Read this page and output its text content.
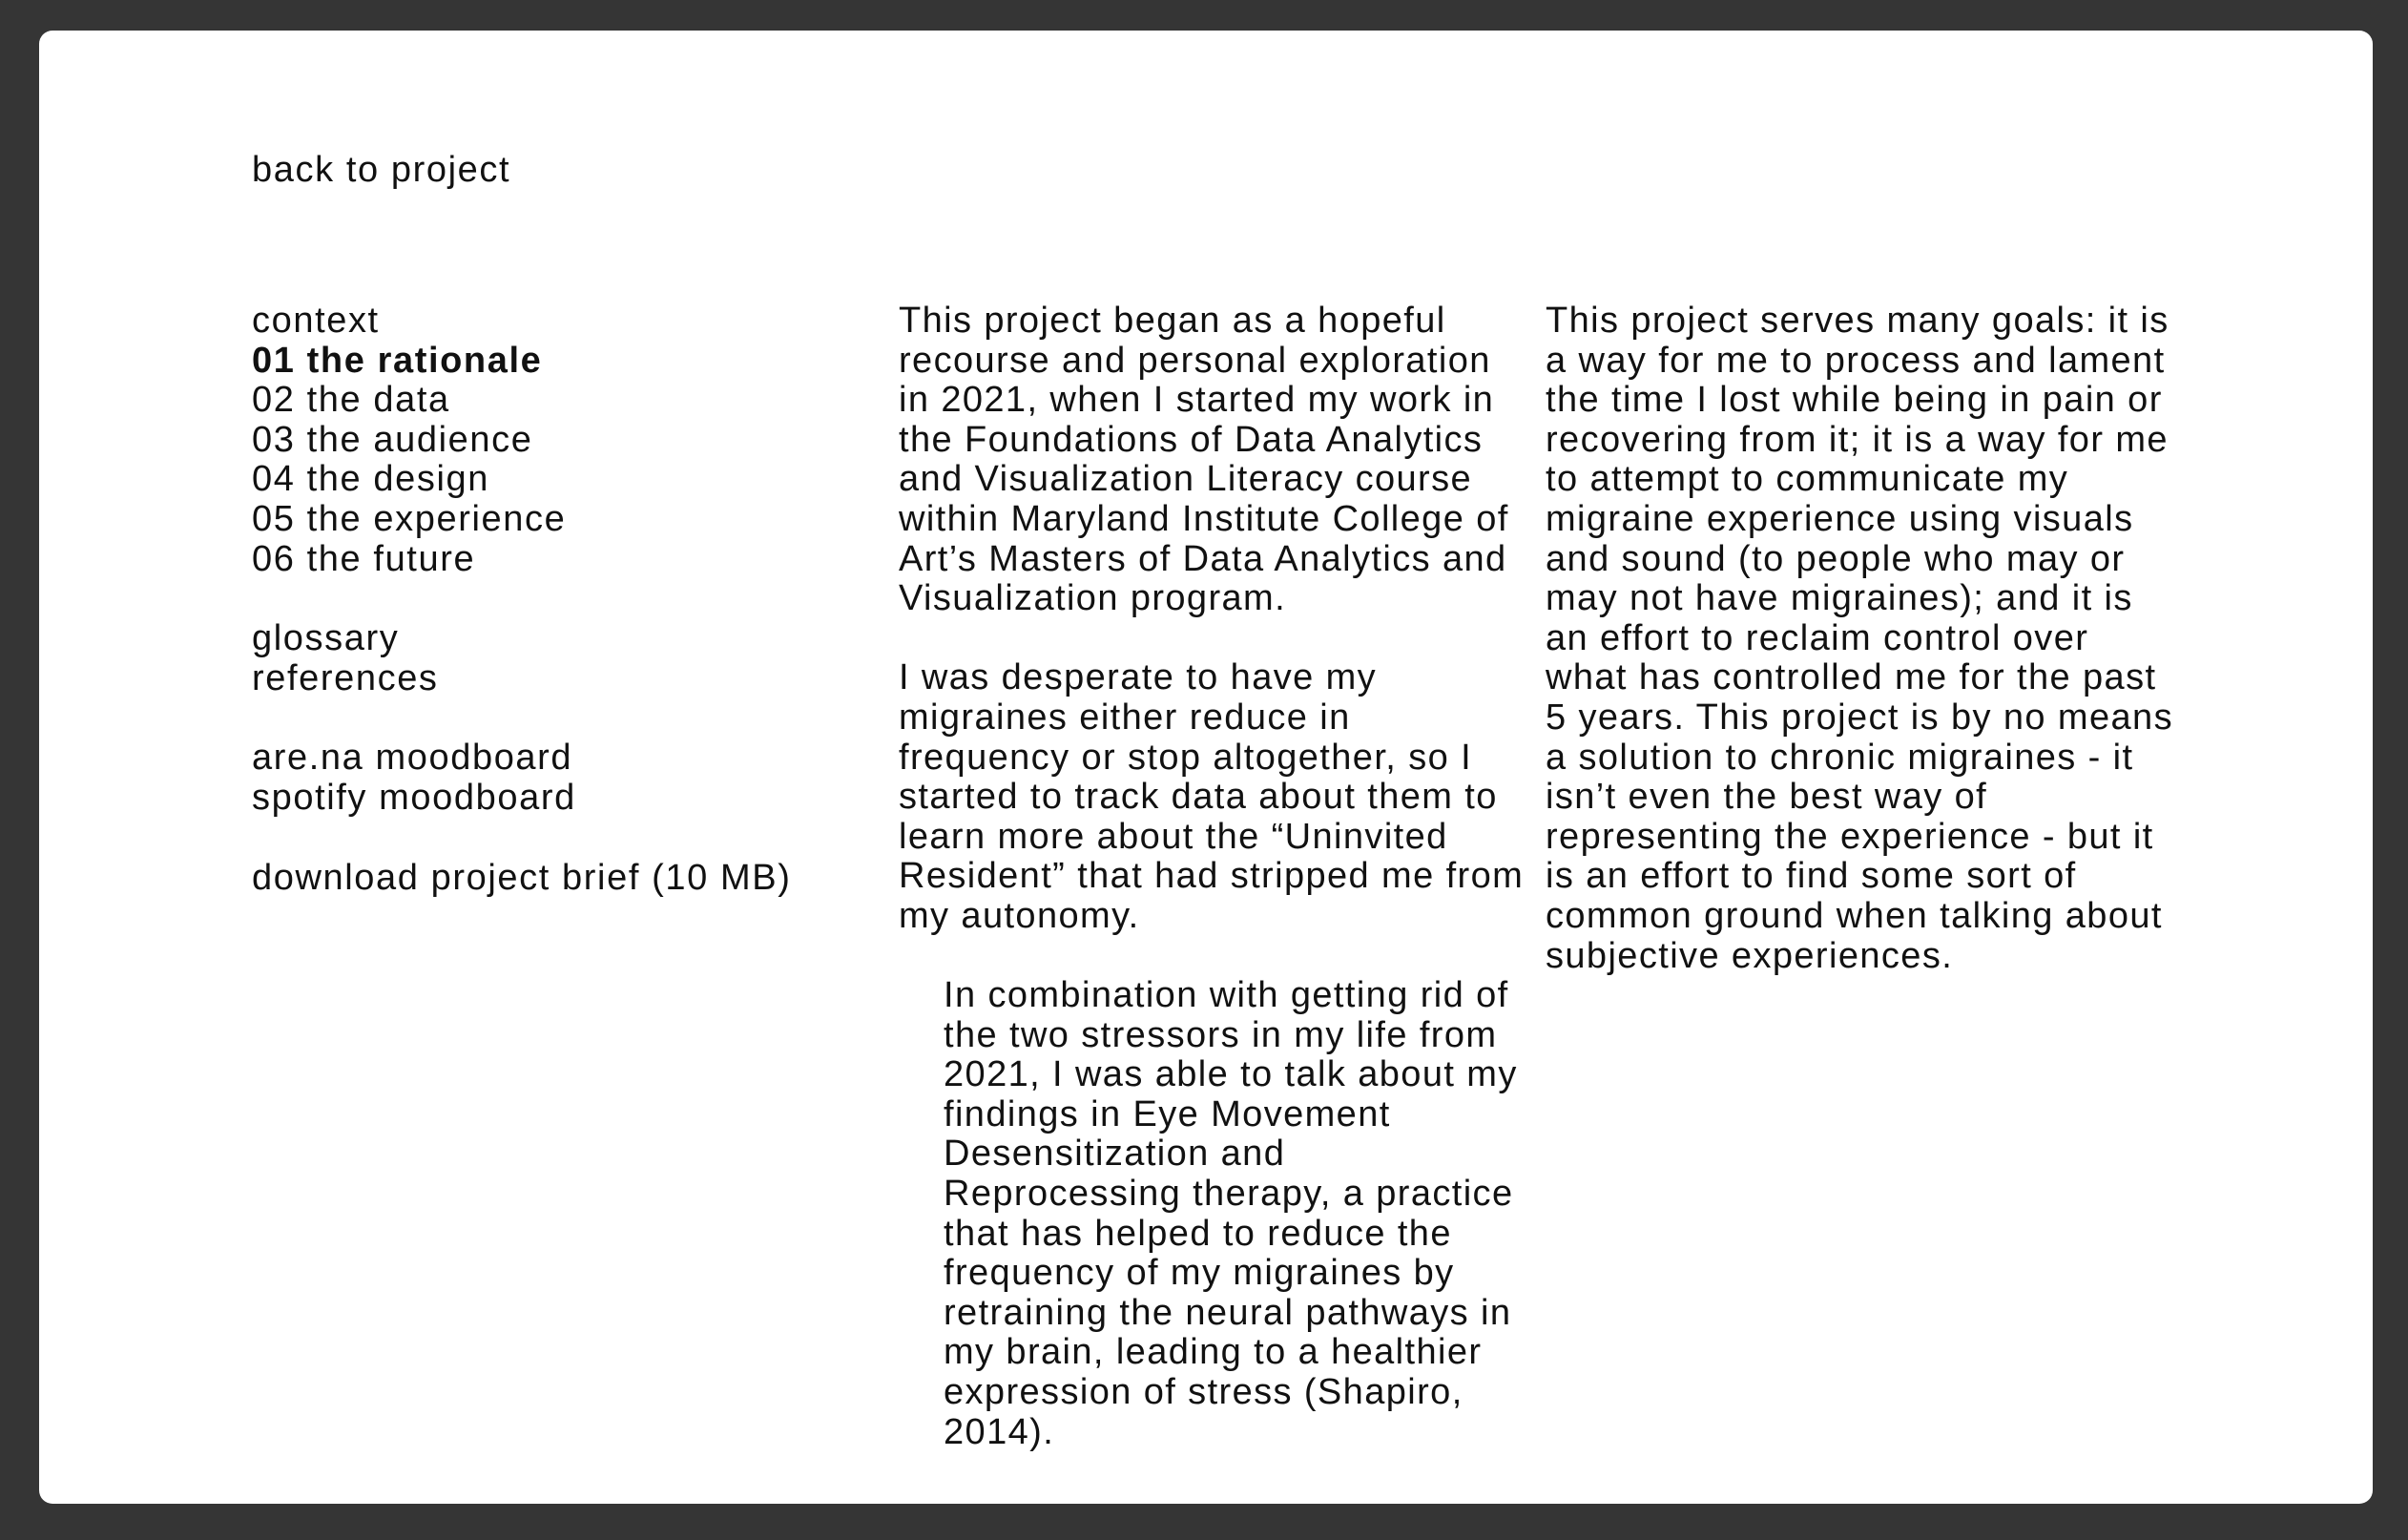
back to project
context
01 the rationale
02 the data
03 the audience
04 the design
05 the experience
06 the future
glossary
references
are.na moodboard
spotify moodboard
download project brief (10 MB)

This project began as a hopeful recourse and personal exploration in 2021, when I started my work in the Foundations of Data Analytics and Visualization Literacy course within Maryland Institute College of Art’s Masters of Data Analytics and Visualization program.

I was desperate to have my migraines either reduce in frequency or stop altogether, so I started to track data about them to learn more about the “Uninvited Resident” that had stripped me from my autonomy.

In combination with getting rid of the two stressors in my life from 2021, I was able to talk about my findings in Eye Movement Desensitization and Reprocessing therapy, a practice that has helped to reduce the frequency of my migraines by retraining the neural pathways in my brain, leading to a healthier expression of stress (Shapiro, 2014).

This project serves many goals: it is a way for me to process and lament the time I lost while being in pain or recovering from it; it is a way for me to attempt to communicate my migraine experience using visuals and sound (to people who may or may not have migraines); and it is an effort to reclaim control over what has controlled me for the past 5 years. This project is by no means a solution to chronic migraines - it isn’t even the best way of representing the experience - but it is an effort to find some sort of common ground when talking about subjective experiences.
